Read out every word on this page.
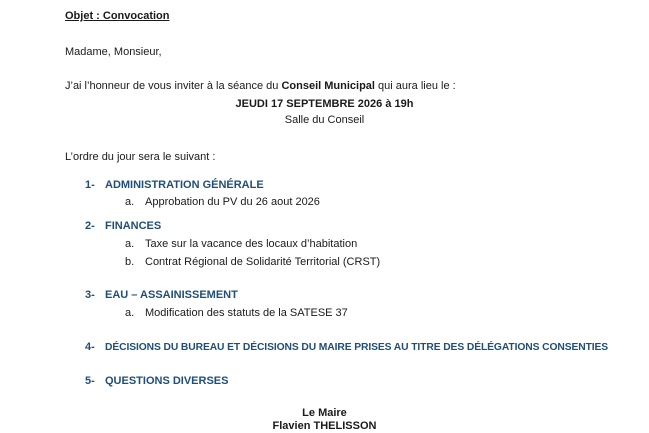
Objet : Convocation
Madame, Monsieur,
J’ai l’honneur de vous inviter à la séance du Conseil Municipal qui aura lieu le :
JEUDI 17 SEPTEMBRE 2026 à 19h
Salle du Conseil
L’ordre du jour sera le suivant :
1- ADMINISTRATION GÉNÉRALE
a. Approbation du PV du 26 aout 2026
2- FINANCES
a. Taxe sur la vacance des locaux d’habitation
b. Contrat Régional de Solidarité Territorial (CRST)
3- EAU – ASSAINISSEMENT
a. Modification des statuts de la SATESE 37
4- DÉCISIONS DU BUREAU ET DÉCISIONS DU MAIRE PRISES AU TITRE DES DÉLÉGATIONS CONSENTIES
5- QUESTIONS DIVERSES
Le Maire
Flavien THELISSON
